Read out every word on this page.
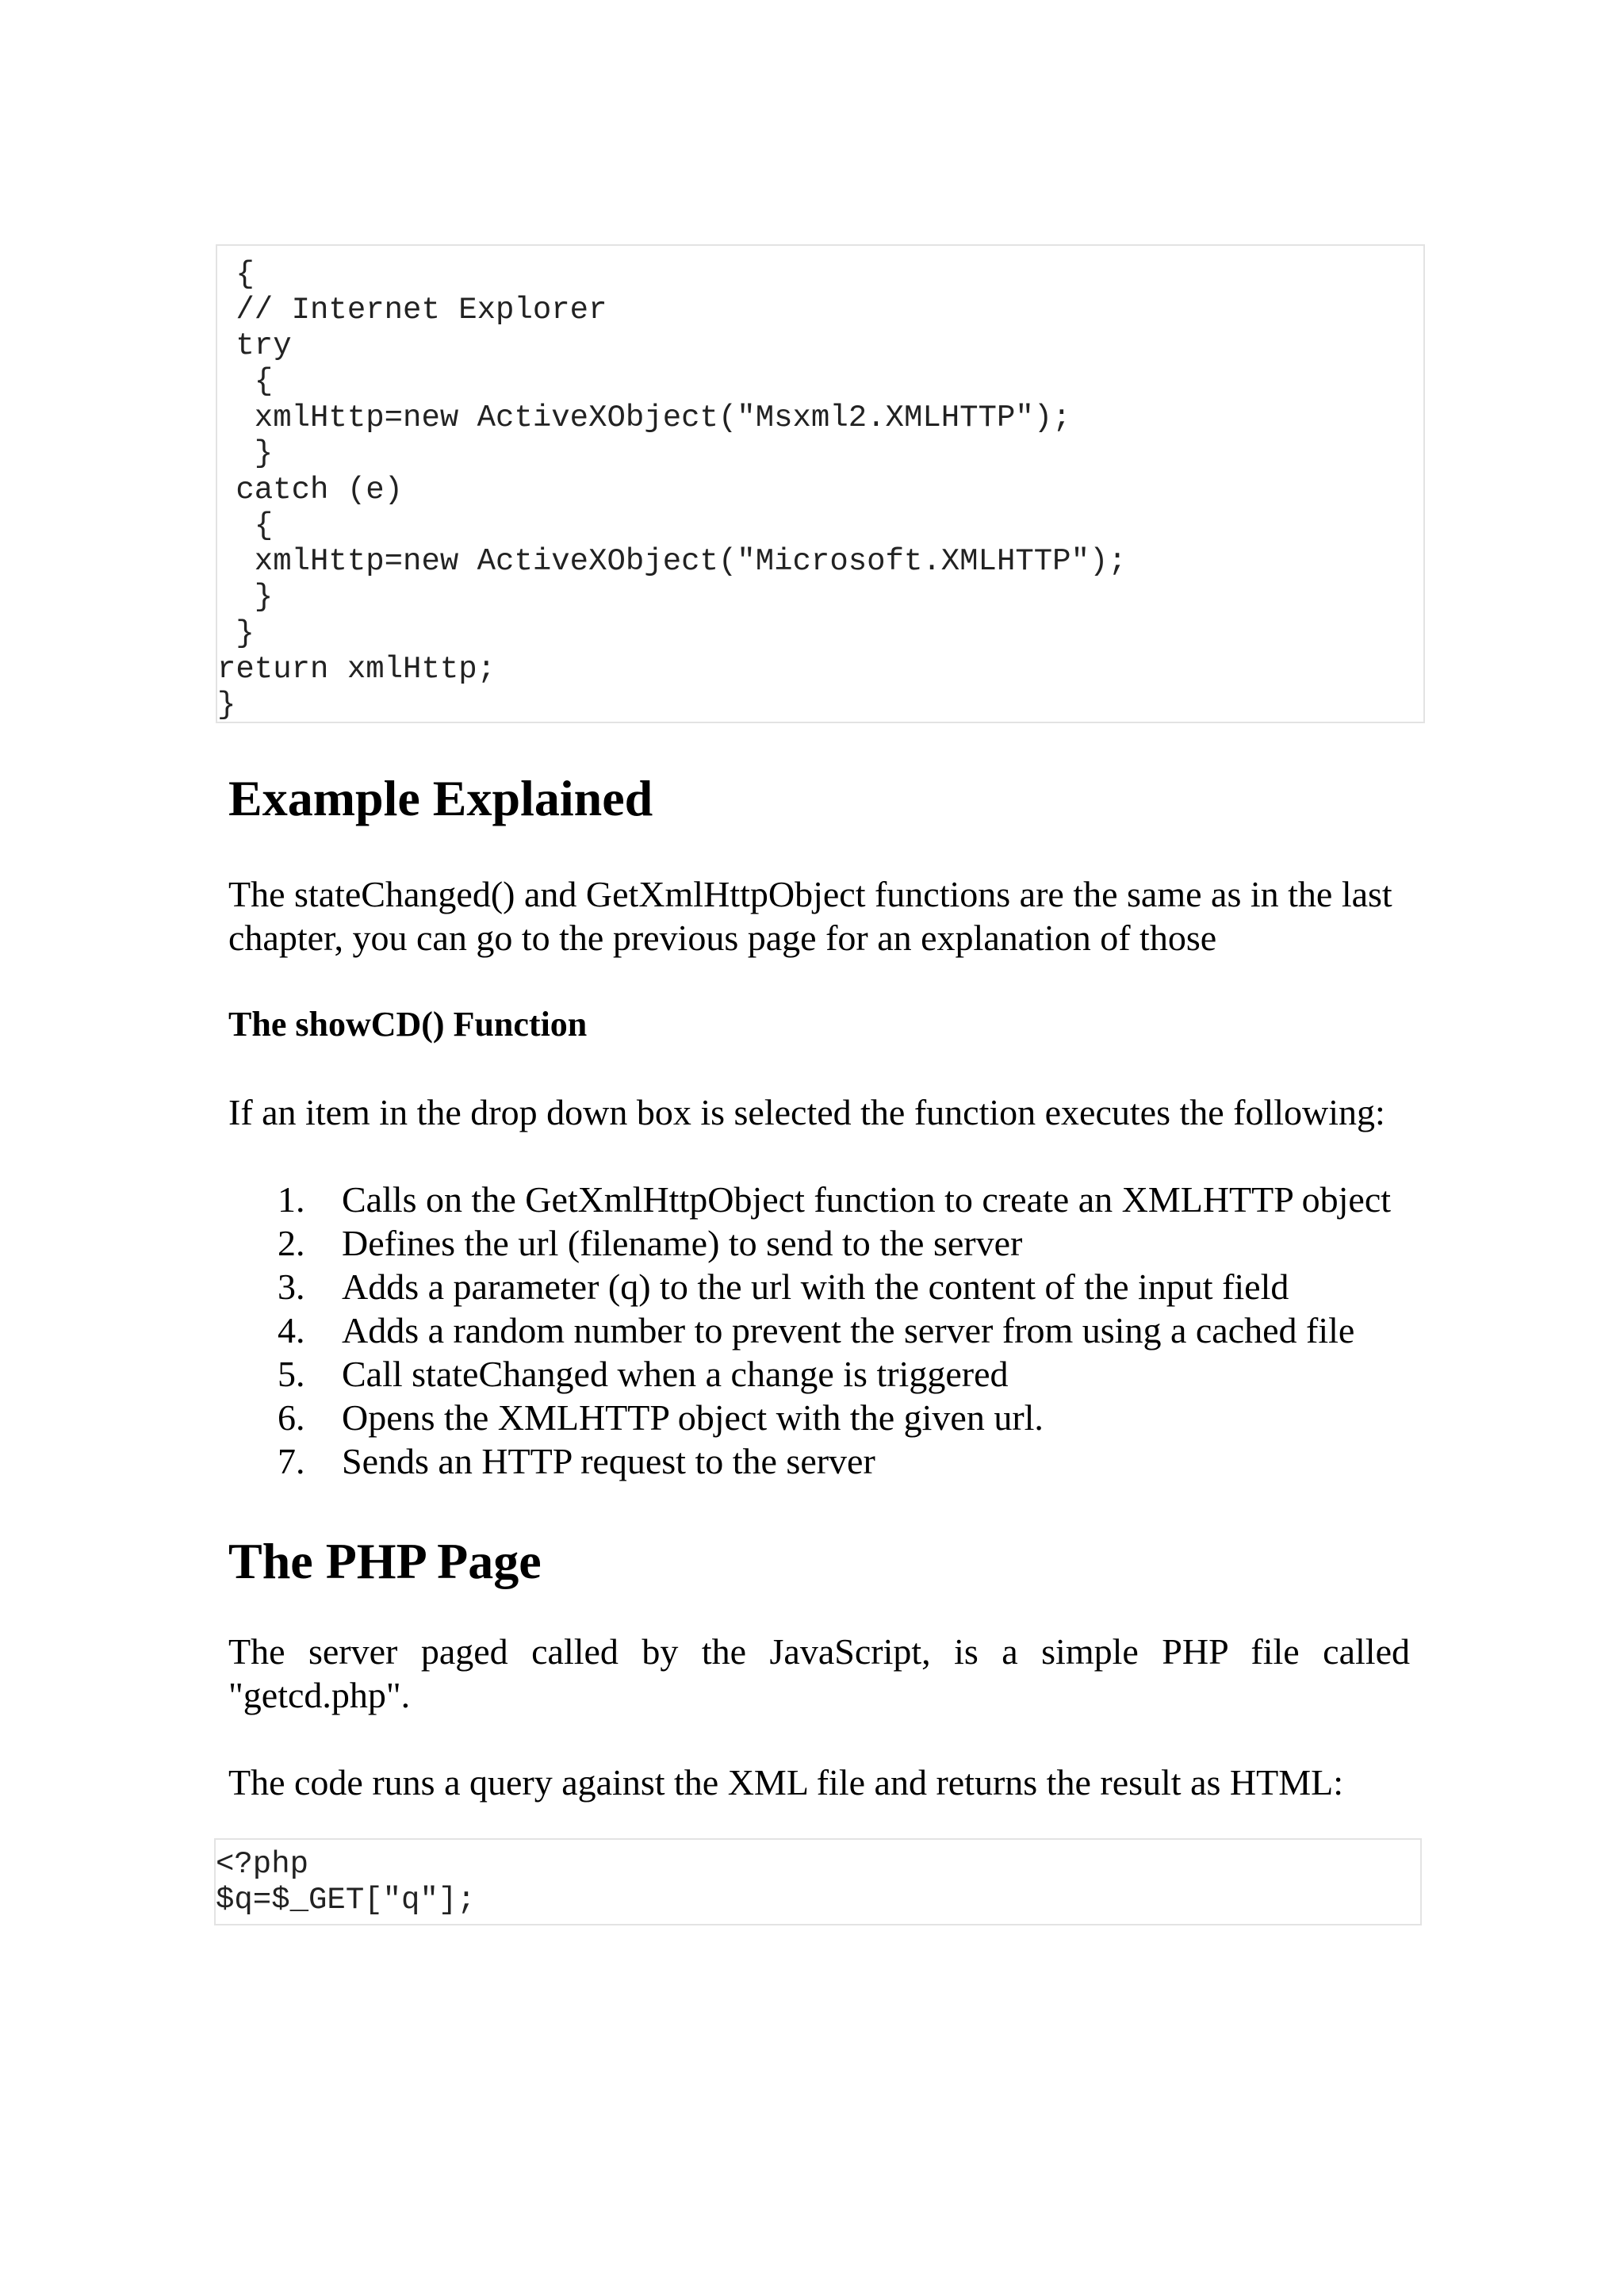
{
// Internet Explorer
try
{
xmlHttp=new ActiveXObject("Msxml2.XMLHTTP");
}
catch (e)
{
xmlHttp=new ActiveXObject("Microsoft.XMLHTTP");
}
}
return xmlHttp;
}
Example Explained

The stateChanged() and GetXmlHttpObject functions are the same as in the last chapter, you can go to the previous page for an explanation of those

The showCD() Function

If an item in the drop down box is selected the function executes the following:

1.	Calls on the GetXmlHttpObject function to create an XMLHTTP object
2.	Defines the url (filename) to send to the server
3.	Adds a parameter (q) to the url with the content of the input field
4.	Adds a random number to prevent the server from using a cached file
5.	Call stateChanged when a change is triggered
6.	Opens the XMLHTTP object with the given url.
7.	Sends an HTTP request to the server
The PHP Page

The server paged called by the JavaScript, is a simple PHP file called "getcd.php".

The code runs a query against the XML file and returns the result as HTML:

<?php
$q=$_GET["q"];
